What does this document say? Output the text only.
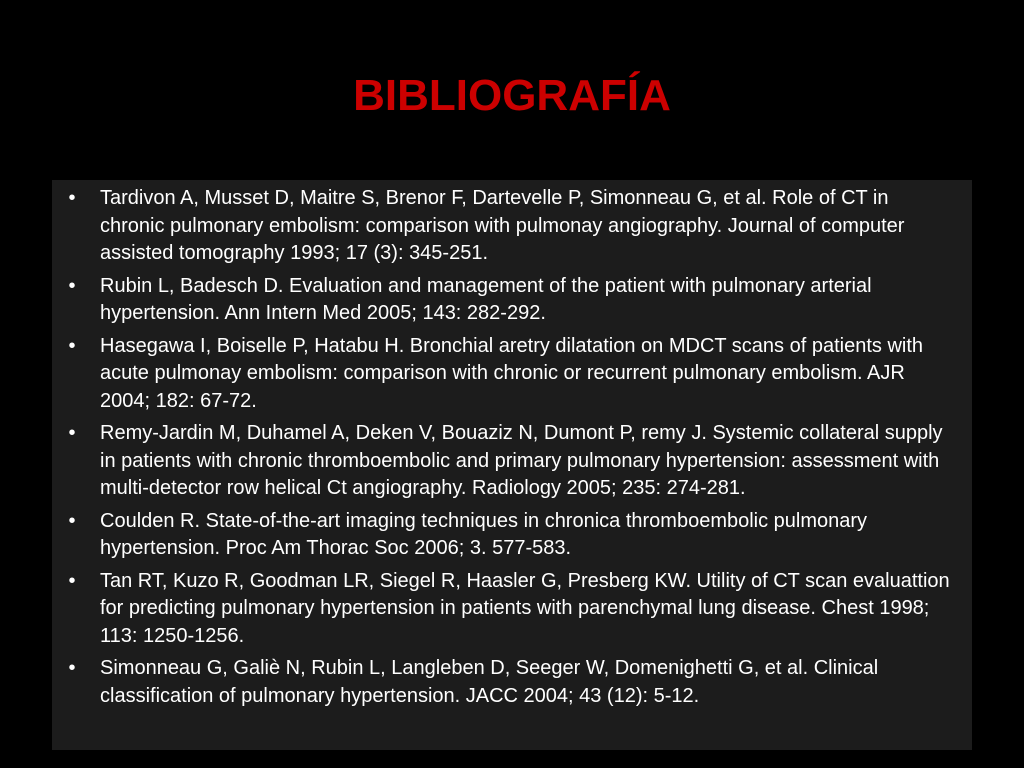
BIBLIOGRAFÍA
•	Tardivon A, Musset D, Maitre S, Brenor F, Dartevelle P, Simonneau G, et al. Role of CT in chronic pulmonary embolism: comparison with pulmonay angiography. Journal of computer assisted tomography 1993; 17 (3): 345-251.
•	Rubin L, Badesch D. Evaluation and management of the patient with pulmonary arterial hypertension. Ann Intern Med 2005; 143: 282-292.
•	Hasegawa I, Boiselle P, Hatabu H. Bronchial aretry dilatation on MDCT scans of patients with acute pulmonay embolism: comparison with chronic or recurrent pulmonary embolism. AJR 2004; 182: 67-72.
•	Remy-Jardin M, Duhamel A, Deken V, Bouaziz N, Dumont P, remy J. Systemic collateral supply in patients with chronic thromboembolic and primary pulmonary hypertension: assessment with multi-detector row helical Ct angiography. Radiology 2005; 235: 274-281.
•	Coulden R. State-of-the-art imaging techniques in chronica thromboembolic pulmonary hypertension. Proc Am Thorac Soc 2006; 3. 577-583.
•	Tan RT, Kuzo R, Goodman LR, Siegel R, Haasler G, Presberg KW. Utility of CT scan evaluattion for predicting pulmonary hypertension in patients with parenchymal lung disease. Chest 1998; 113: 1250-1256.
•	Simonneau G, Galiè N, Rubin L, Langleben D, Seeger W, Domenighetti G, et al. Clinical classification of pulmonary hypertension. JACC 2004; 43 (12): 5-12.
